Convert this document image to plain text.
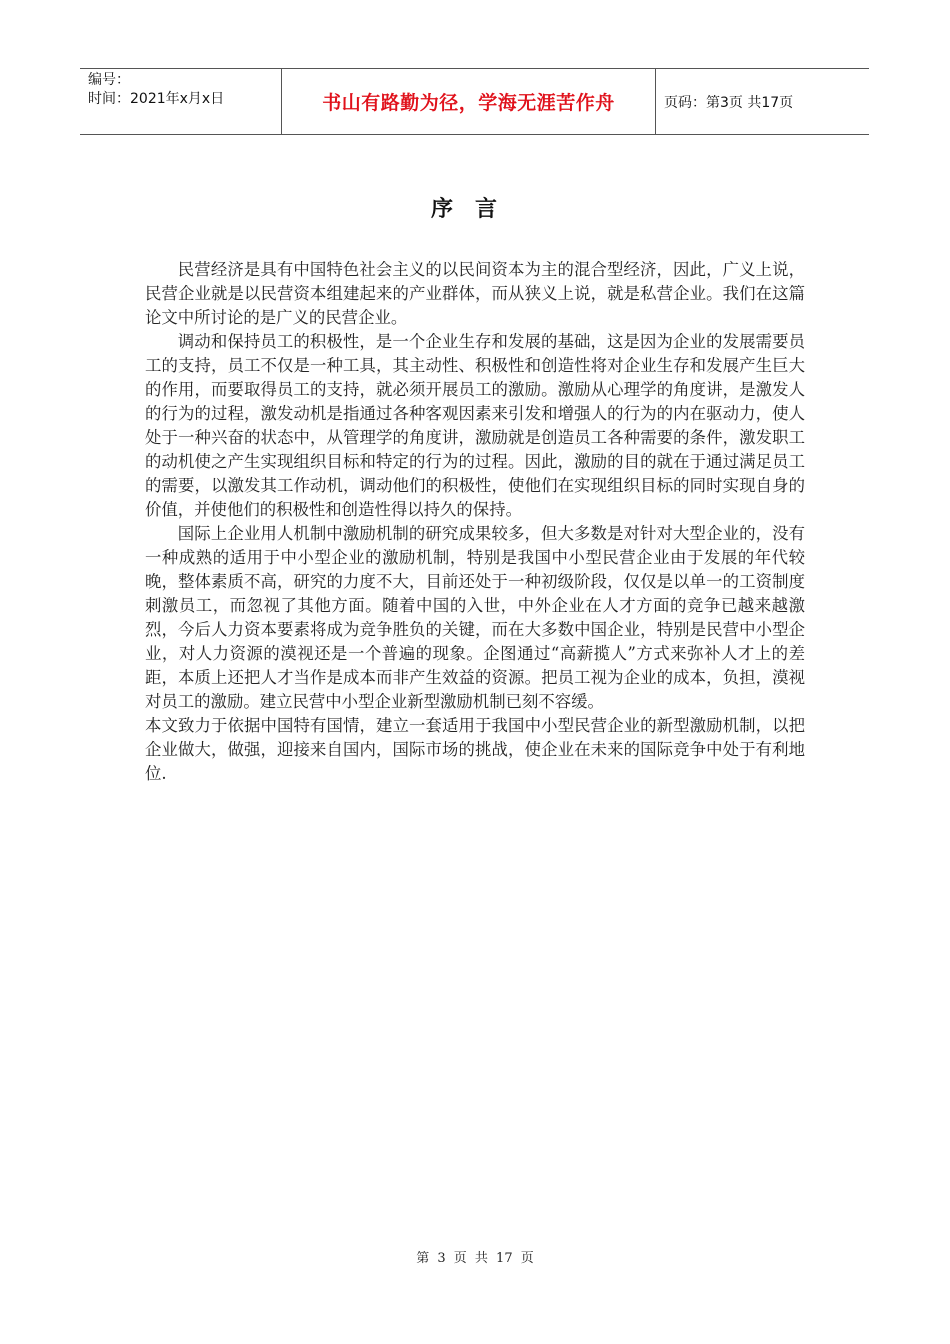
编号：
时间：2021年x月x日	书山有路勤为径，学海无涯苦作舟	页码：第3页 共17页
序言

民营经济是具有中国特色社会主义的以民间资本为主的混合型经济，因此，广义上说，民营企业就是以民营资本组建起来的产业群体，而从狭义上说，就是私营企业。我们在这篇论文中所讨论的是广义的民营企业。

调动和保持员工的积极性，是一个企业生存和发展的基础，这是因为企业的发展需要员工的支持，员工不仅是一种工具，其主动性、积极性和创造性将对企业生存和发展产生巨大的作用，而要取得员工的支持，就必须开展员工的激励。激励从心理学的角度讲，是激发人的行为的过程，激发动机是指通过各种客观因素来引发和增强人的行为的内在驱动力，使人处于一种兴奋的状态中，从管理学的角度讲，激励就是创造员工各种需要的条件，激发职工的动机使之产生实现组织目标和特定的行为的过程。因此，激励的目的就在于通过满足员工的需要，以激发其工作动机，调动他们的积极性，使他们在实现组织目标的同时实现自身的价值，并使他们的积极性和创造性得以持久的保持。

国际上企业用人机制中激励机制的研究成果较多，但大多数是对针对大型企业的，没有一种成熟的适用于中小型企业的激励机制，特别是我国中小型民营企业由于发展的年代较晚，整体素质不高，研究的力度不大，目前还处于一种初级阶段，仅仅是以单一的工资制度刺激员工，而忽视了其他方面。随着中国的入世，中外企业在人才方面的竞争已越来越激烈，今后人力资本要素将成为竞争胜负的关键，而在大多数中国企业，特别是民营中小型企业，对人力资源的漠视还是一个普遍的现象。企图通过“高薪揽人”方式来弥补人才上的差距，本质上还把人才当作是成本而非产生效益的资源。把员工视为企业的成本，负担，漠视对员工的激励。建立民营中小型企业新型激励机制已刻不容缓。

本文致力于依据中国特有国情，建立一套适用于我国中小型民营企业的新型激励机制，以把企业做大，做强，迎接来自国内，国际市场的挑战，使企业在未来的国际竞争中处于有利地位.

第 3 页 共 17 页
